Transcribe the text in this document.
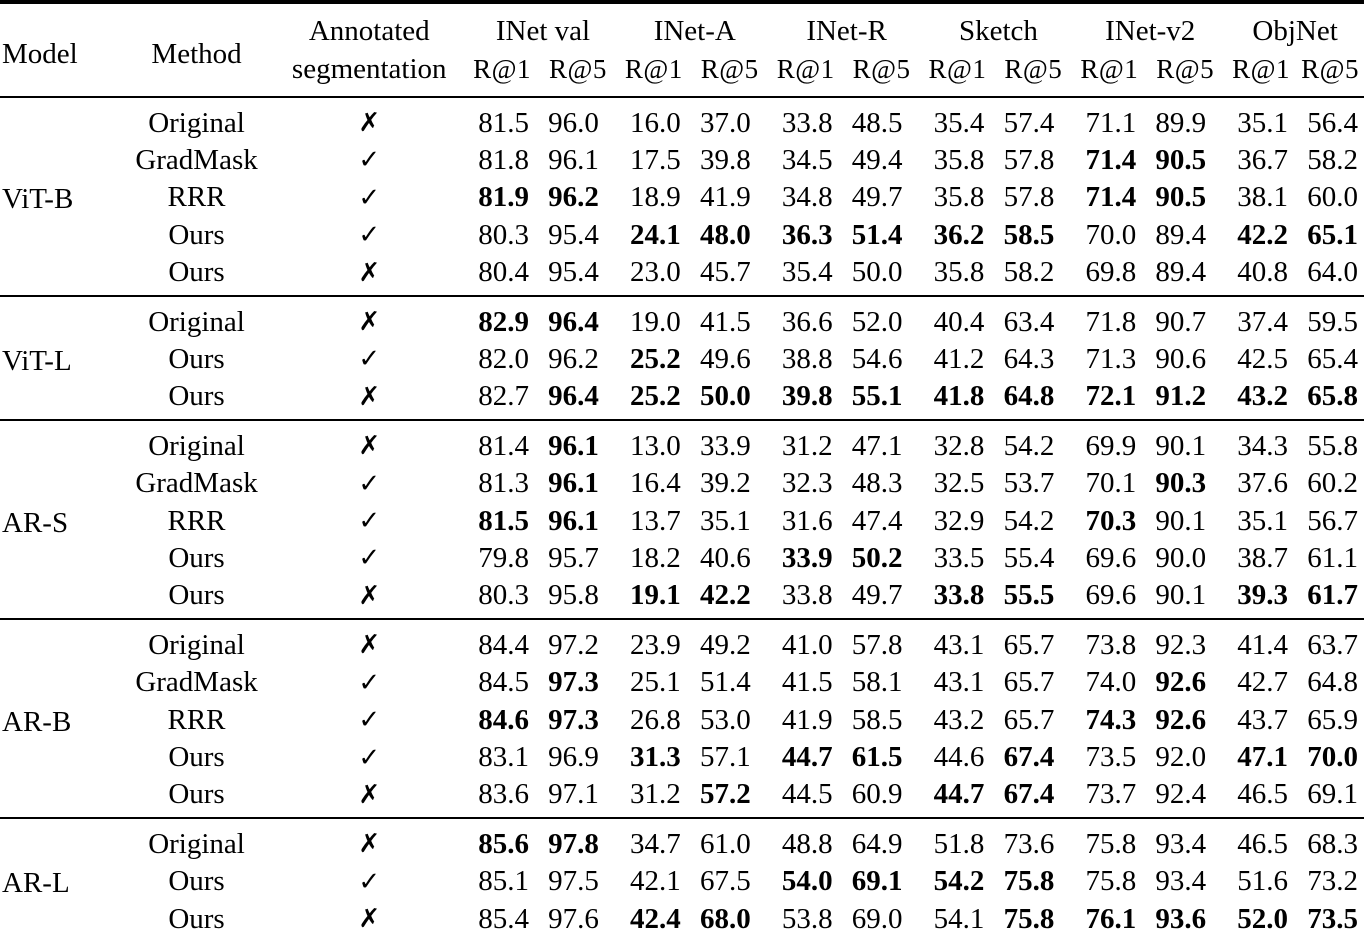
Model	Method	Annotated	INet val		INet-A		INet-R		Sketch		INet-v2		ObjNet	
		segmentation	R@1	R@5	R@1	R@5	R@1	R@5	R@1	R@5	R@1	R@5	R@1	R@5
ViT-B	Original	✗	81.5	96.0	16.0	37.0	33.8	48.5	35.4	57.4	71.1	89.9	35.1	56.4
	GradMask	✓	81.8	96.1	17.5	39.8	34.5	49.4	35.8	57.8	71.4	90.5	36.7	58.2
	RRR	✓	81.9	96.2	18.9	41.9	34.8	49.7	35.8	57.8	71.4	90.5	38.1	60.0
	Ours	✓	80.3	95.4	24.1	48.0	36.3	51.4	36.2	58.5	70.0	89.4	42.2	65.1
	Ours	✗	80.4	95.4	23.0	45.7	35.4	50.0	35.8	58.2	69.8	89.4	40.8	64.0
ViT-L	Original	✗	82.9	96.4	19.0	41.5	36.6	52.0	40.4	63.4	71.8	90.7	37.4	59.5
	Ours	✓	82.0	96.2	25.2	49.6	38.8	54.6	41.2	64.3	71.3	90.6	42.5	65.4
	Ours	✗	82.7	96.4	25.2	50.0	39.8	55.1	41.8	64.8	72.1	91.2	43.2	65.8
AR-S	Original	✗	81.4	96.1	13.0	33.9	31.2	47.1	32.8	54.2	69.9	90.1	34.3	55.8
	GradMask	✓	81.3	96.1	16.4	39.2	32.3	48.3	32.5	53.7	70.1	90.3	37.6	60.2
	RRR	✓	81.5	96.1	13.7	35.1	31.6	47.4	32.9	54.2	70.3	90.1	35.1	56.7
	Ours	✓	79.8	95.7	18.2	40.6	33.9	50.2	33.5	55.4	69.6	90.0	38.7	61.1
	Ours	✗	80.3	95.8	19.1	42.2	33.8	49.7	33.8	55.5	69.6	90.1	39.3	61.7
AR-B	Original	✗	84.4	97.2	23.9	49.2	41.0	57.8	43.1	65.7	73.8	92.3	41.4	63.7
	GradMask	✓	84.5	97.3	25.1	51.4	41.5	58.1	43.1	65.7	74.0	92.6	42.7	64.8
	RRR	✓	84.6	97.3	26.8	53.0	41.9	58.5	43.2	65.7	74.3	92.6	43.7	65.9
	Ours	✓	83.1	96.9	31.3	57.1	44.7	61.5	44.6	67.4	73.5	92.0	47.1	70.0
	Ours	✗	83.6	97.1	31.2	57.2	44.5	60.9	44.7	67.4	73.7	92.4	46.5	69.1
AR-L	Original	✗	85.6	97.8	34.7	61.0	48.8	64.9	51.8	73.6	75.8	93.4	46.5	68.3
	Ours	✓	85.1	97.5	42.1	67.5	54.0	69.1	54.2	75.8	75.8	93.4	51.6	73.2
	Ours	✗	85.4	97.6	42.4	68.0	53.8	69.0	54.1	75.8	76.1	93.6	52.0	73.5
